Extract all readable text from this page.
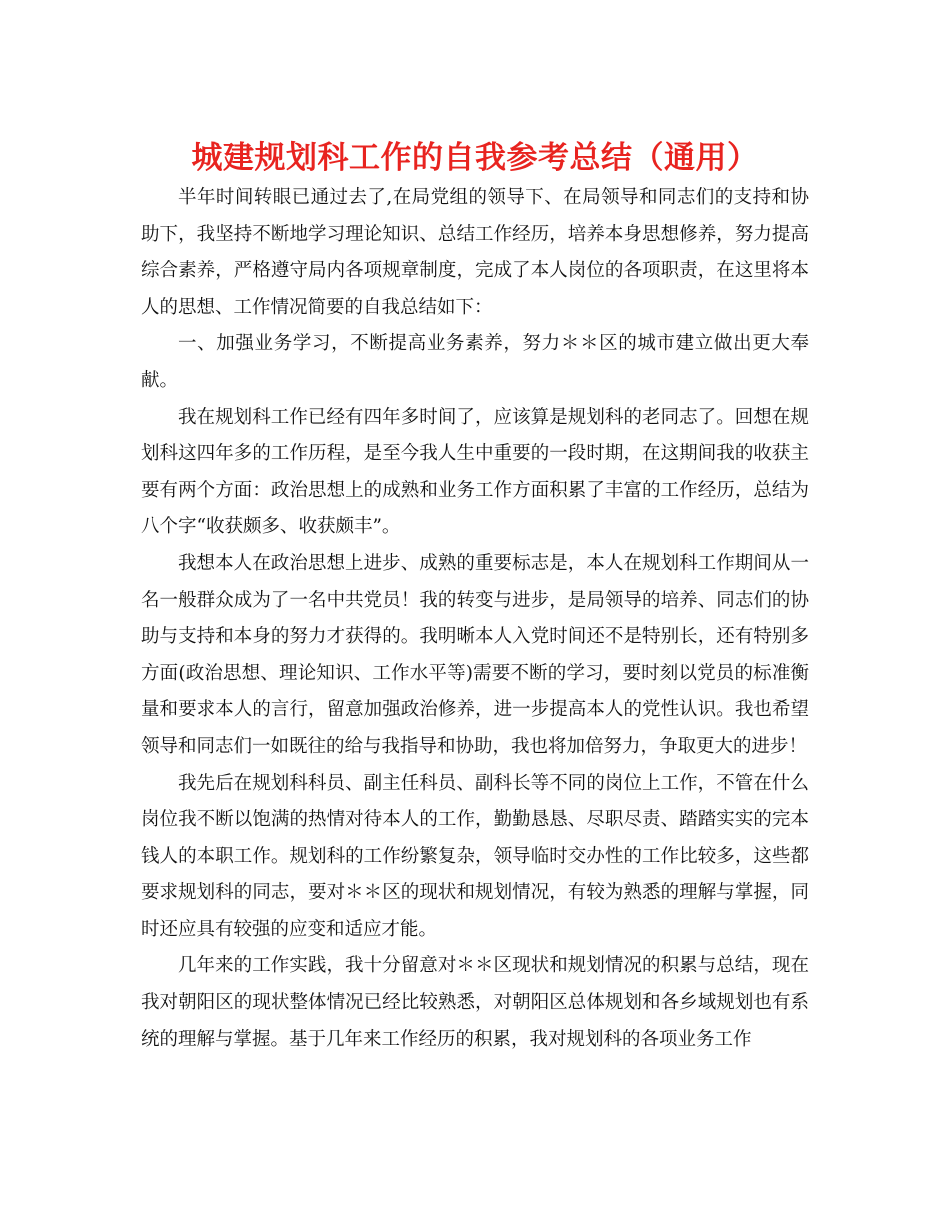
城建规划科工作的自我参考总结（通用）

半年时间转眼已通过去了,在局党组的领导下、在局领导和同志们的支持和协助下，我坚持不断地学习理论知识、总结工作经历，培养本身思想修养，努力提高综合素养，严格遵守局内各项规章制度，完成了本人岗位的各项职责，在这里将本人的思想、工作情况简要的自我总结如下：

一、加强业务学习，不断提高业务素养，努力＊＊区的城市建立做出更大奉献。

我在规划科工作已经有四年多时间了，应该算是规划科的老同志了。回想在规划科这四年多的工作历程，是至今我人生中重要的一段时期，在这期间我的收获主要有两个方面：政治思想上的成熟和业务工作方面积累了丰富的工作经历，总结为八个字“收获颇多、收获颇丰”。

我想本人在政治思想上进步、成熟的重要标志是，本人在规划科工作期间从一名一般群众成为了一名中共党员！我的转变与进步，是局领导的培养、同志们的协助与支持和本身的努力才获得的。我明晰本人入党时间还不是特别长，还有特别多方面(政治思想、理论知识、工作水平等)需要不断的学习，要时刻以党员的标准衡量和要求本人的言行，留意加强政治修养，进一步提高本人的党性认识。我也希望领导和同志们一如既往的给与我指导和协助，我也将加倍努力，争取更大的进步！

我先后在规划科科员、副主任科员、副科长等不同的岗位上工作，不管在什么岗位我不断以饱满的热情对待本人的工作，勤勤恳恳、尽职尽责、踏踏实实的完本钱人的本职工作。规划科的工作纷繁复杂，领导临时交办性的工作比较多，这些都要求规划科的同志，要对＊＊区的现状和规划情况，有较为熟悉的理解与掌握，同时还应具有较强的应变和适应才能。

几年来的工作实践，我十分留意对＊＊区现状和规划情况的积累与总结，现在我对朝阳区的现状整体情况已经比较熟悉，对朝阳区总体规划和各乡域规划也有系统的理解与掌握。基于几年来工作经历的积累，我对规划科的各项业务工作
